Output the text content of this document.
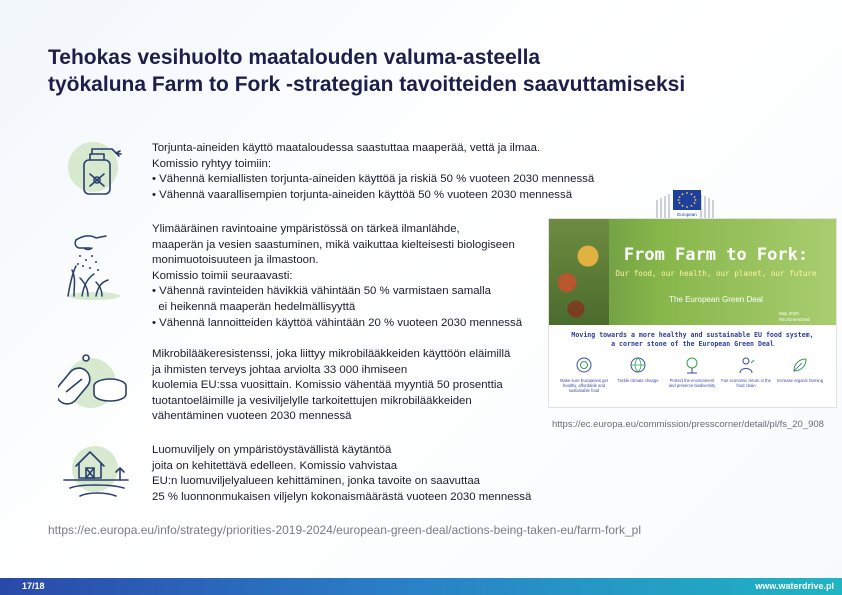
Tehokas vesihuolto maatalouden valuma-asteella
työkaluna Farm to Fork -strategian tavoitteiden saavuttamiseksi
Torjunta-aineiden käyttö maataloudessa saastuttaa maaperää, vettä ja ilmaa.
Komissio ryhtyy toimiin:
• Vähennä kemiallisten torjunta-aineiden käyttöä ja riskiä 50 % vuoteen 2030 mennessä
• Vähennä vaarallisempien torjunta-aineiden käyttöä 50 % vuoteen 2030 mennessä
Ylimääräinen ravintoaine ympäristössä on tärkeä ilmanlähde,
maaperän ja vesien saastuminen, mikä vaikuttaa kielteisesti biologiseen
monimuotoisuuteen ja ilmastoon.
Komissio toimii seuraavasti:
• Vähennä ravinteiden hävikkiä vähintään 50 % varmistaen samalla
ei heikennä maaperän hedelmällisyyttä
• Vähennä lannoitteiden käyttöä vähintään 20 % vuoteen 2030 mennessä
Mikrobilääkeresistenssi, joka liittyy mikrobilääkkeiden käyttöön eläimillä
ja ihmisten terveys johtaa arviolta 33 000 ihmiseen
kuolemia EU:ssa vuosittain. Komissio vähentää myyntiä 50 prosenttia
tuotantoeläimille ja vesiviljelylle tarkoitettujen mikrobilääkkeiden
vähentäminen vuoteen 2030 mennessä
Luomuviljely on ympäristöystävällistä käytäntöä
joita on kehitettävä edelleen. Komissio vahvistaa
EU:n luomuviljelyalueen kehittäminen, jonka tavoite on saavuttaa
25 % luonnonmukaisen viljelyn kokonaismäärästä vuoteen 2030 mennessä
European
From Farm to Fork:
Our food, our health, our planet, our future
The European Green Deal
May 2020
#EUGreenDeal
Moving towards a more healthy and sustainable EU food system,
a corner stone of the European Green Deal
Make sure Europeans get healthy, affordable and sustainable food
Tackle climate change	Protect the environment and preserve biodiversity
Fair economic return in the food chain
Increase organic farming
https://ec.europa.eu/commission/presscorner/detail/pl/fs_20_908
https://ec.europa.eu/info/strategy/priorities-2019-2024/european-green-deal/actions-being-taken-eu/farm-fork_pl
17/18	www.waterdrive.pl
